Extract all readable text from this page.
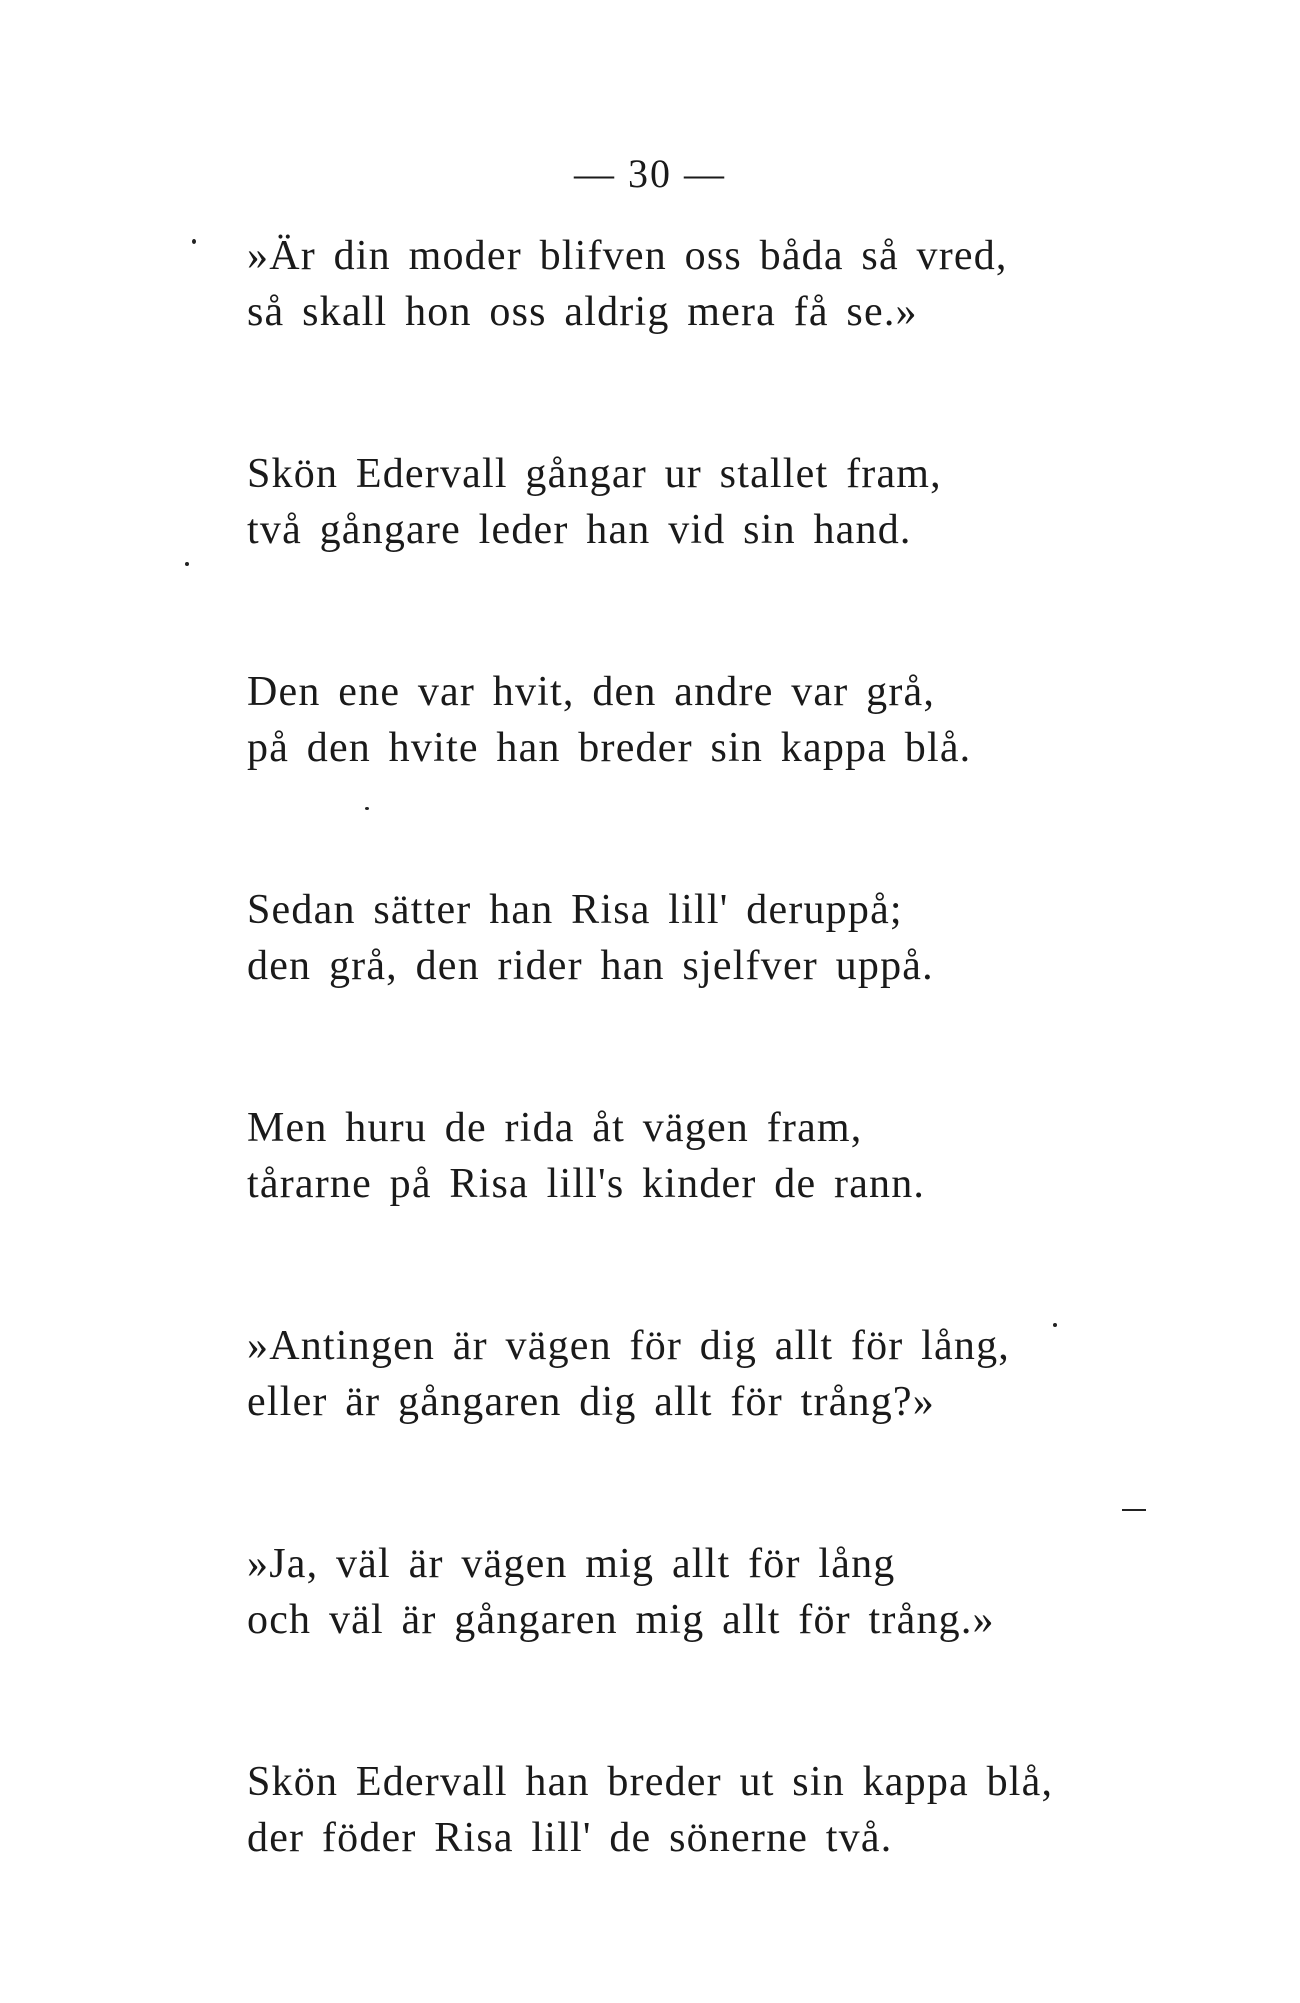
— 30 —
»Är din moder blifven oss båda så vred,
så skall hon oss aldrig mera få se.»
Skön Edervall gångar ur stallet fram,
två gångare leder han vid sin hand.
Den ene var hvit, den andre var grå,
på den hvite han breder sin kappa blå.
Sedan sätter han Risa lill' deruppå;
den grå, den rider han sjelfver uppå.
Men huru de rida åt vägen fram,
tårarne på Risa lill's kinder de rann.
»Antingen är vägen för dig allt för lång,
eller är gångaren dig allt för trång?»
»Ja, väl är vägen mig allt för lång
och väl är gångaren mig allt för trång.»
Skön Edervall han breder ut sin kappa blå,
der föder Risa lill' de sönerne två.
